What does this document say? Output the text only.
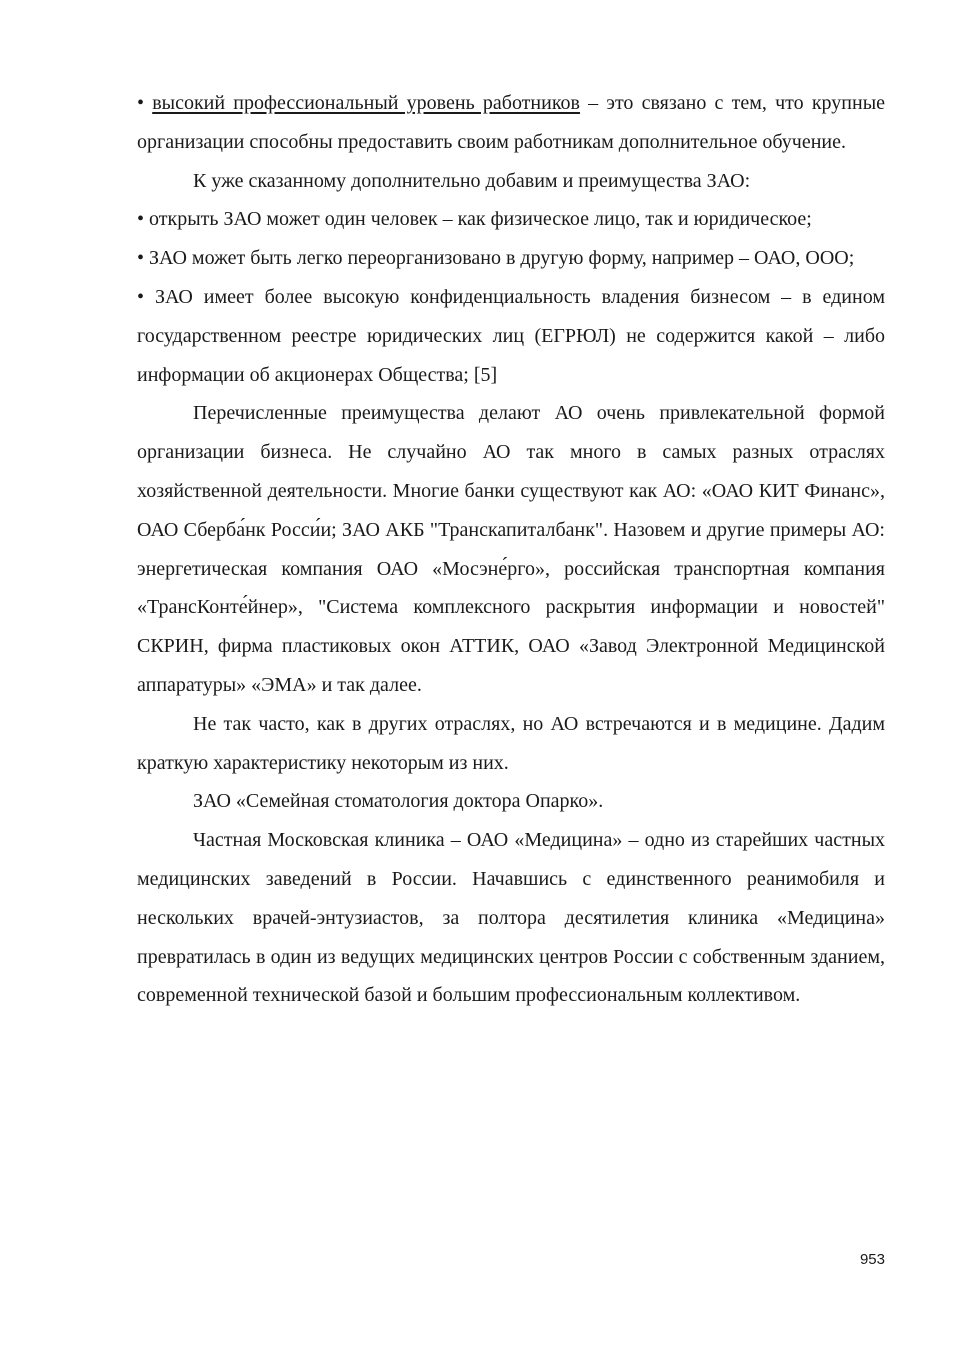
• высокий профессиональный уровень работников – это связано с тем, что крупные организации способны предоставить своим работникам дополнительное обучение.

К уже сказанному дополнительно добавим и преимущества ЗАО:

• открыть ЗАО может один человек – как физическое лицо, так и юридическое;

• ЗАО может быть легко переорганизовано в другую форму, например – ОАО, ООО;

• ЗАО имеет более высокую конфиденциальность владения бизнесом – в едином государственном реестре юридических лиц (ЕГРЮЛ) не содержится какой – либо информации об акционерах Общества; [5]

Перечисленные преимущества делают АО очень привлекательной формой организации бизнеса. Не случайно АО так много в самых разных отраслях хозяйственной деятельности. Многие банки существуют как АО: «ОАО КИТ Финанс», ОАО Сберба́нк Росси́и; ЗАО АКБ "Транскапиталбанк". Назовем и другие примеры АО: энергетическая компания ОАО «Мосэне́рго», российская транспортная компания «ТрансКонте́йнер», "Система комплексного раскрытия информации и новостей" СКРИН, фирма пластиковых окон АТТИК, ОАО «Завод Электронной Медицинской аппаратуры» «ЭМА» и так далее.

Не так часто, как в других отраслях, но АО встречаются и в медицине. Дадим краткую характеристику некоторым из них.

ЗАО «Семейная стоматология доктора Опарко».

Частная Московская клиника – ОАО «Медицина» – одно из старейших частных медицинских заведений в России. Начавшись с единственного реанимобиля и нескольких врачей-энтузиастов, за полтора десятилетия клиника «Медицина» превратилась в один из ведущих медицинских центров России с собственным зданием, современной технической базой и большим профессиональным коллективом.

953
